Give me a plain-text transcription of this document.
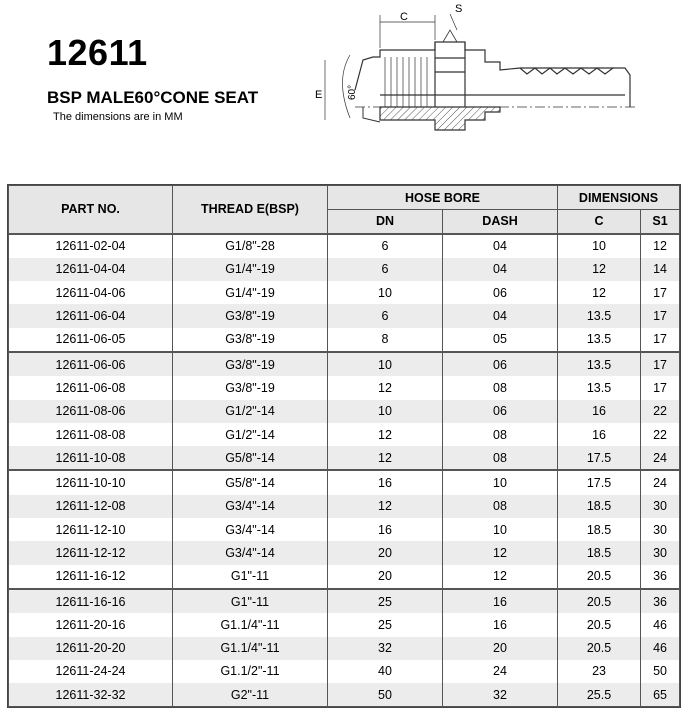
12611
BSP MALE60°CONE SEAT
The dimensions are in MM
C
S
E 60°
PART NO.	THREAD E(BSP)	HOSE BORE		DIMENSIONS	
		DN	DASH	C	S1
12611-02-04	G1/8"-28	6	04	10	12
12611-04-04	G1/4"-19	6	04	12	14
12611-04-06	G1/4"-19	10	06	12	17
12611-06-04	G3/8"-19	6	04	13.5	17
12611-06-05	G3/8"-19	8	05	13.5	17
12611-06-06	G3/8"-19	10	06	13.5	17
12611-06-08	G3/8"-19	12	08	13.5	17
12611-08-06	G1/2"-14	10	06	16	22
12611-08-08	G1/2"-14	12	08	16	22
12611-10-08	G5/8"-14	12	08	17.5	24
12611-10-10	G5/8"-14	16	10	17.5	24
12611-12-08	G3/4"-14	12	08	18.5	30
12611-12-10	G3/4"-14	16	10	18.5	30
12611-12-12	G3/4"-14	20	12	18.5	30
12611-16-12	G1"-11	20	12	20.5	36
12611-16-16	G1"-11	25	16	20.5	36
12611-20-16	G1.1/4"-11	25	16	20.5	46
12611-20-20	G1.1/4"-11	32	20	20.5	46
12611-24-24	G1.1/2"-11	40	24	23	50
12611-32-32	G2"-11	50	32	25.5	65
